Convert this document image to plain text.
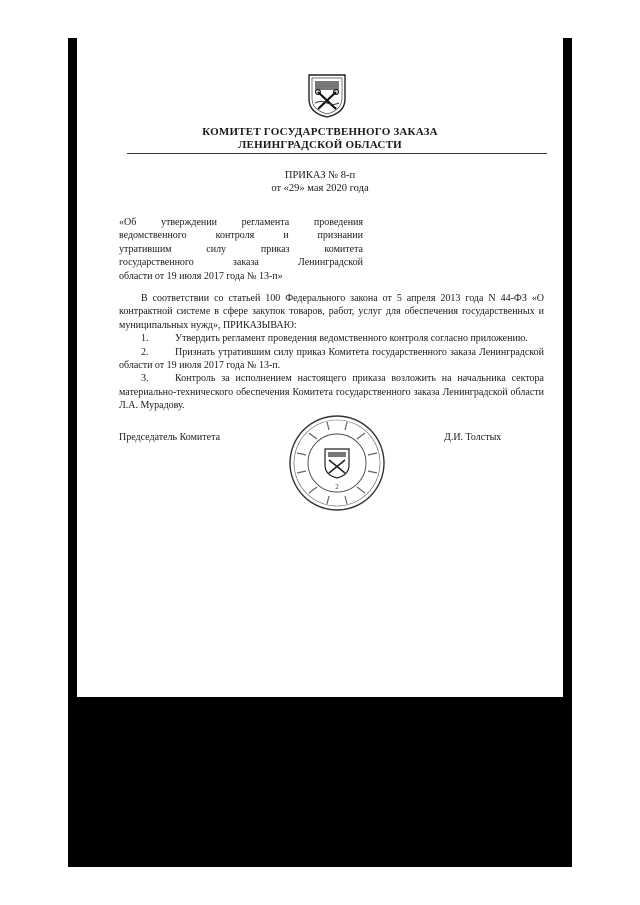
КОМИТЕТ ГОСУДАРСТВЕННОГО ЗАКАЗА
ЛЕНИНГРАДСКОЙ ОБЛАСТИ
ПРИКАЗ № 8-п
от «29» мая 2020 года
«Об утверждении регламента проведения
ведомственного контроля и признании
утратившим силу приказ комитета
государственного заказа Ленинградской
области от 19 июля 2017 года № 13-п»

В соответствии со статьей 100 Федерального закона от 5 апреля 2013 года N 44-ФЗ «О контрактной системе в сфере закупок товаров, работ, услуг для обеспечения государственных и муниципальных нужд», ПРИКАЗЫВАЮ:

1.	Утвердить регламент проведения ведомственного контроля согласно приложению.

2.	Признать утратившим силу приказ Комитета государственного заказа Ленинградской области от 19 июля 2017 года № 13-п.

3.	Контроль за исполнением настоящего приказа возложить на начальника сектора материально-технического обеспечения Комитета государственного заказа Ленинградской области Л.А. Мурадову.

Председатель Комитета	Д.И. Толстых
2
